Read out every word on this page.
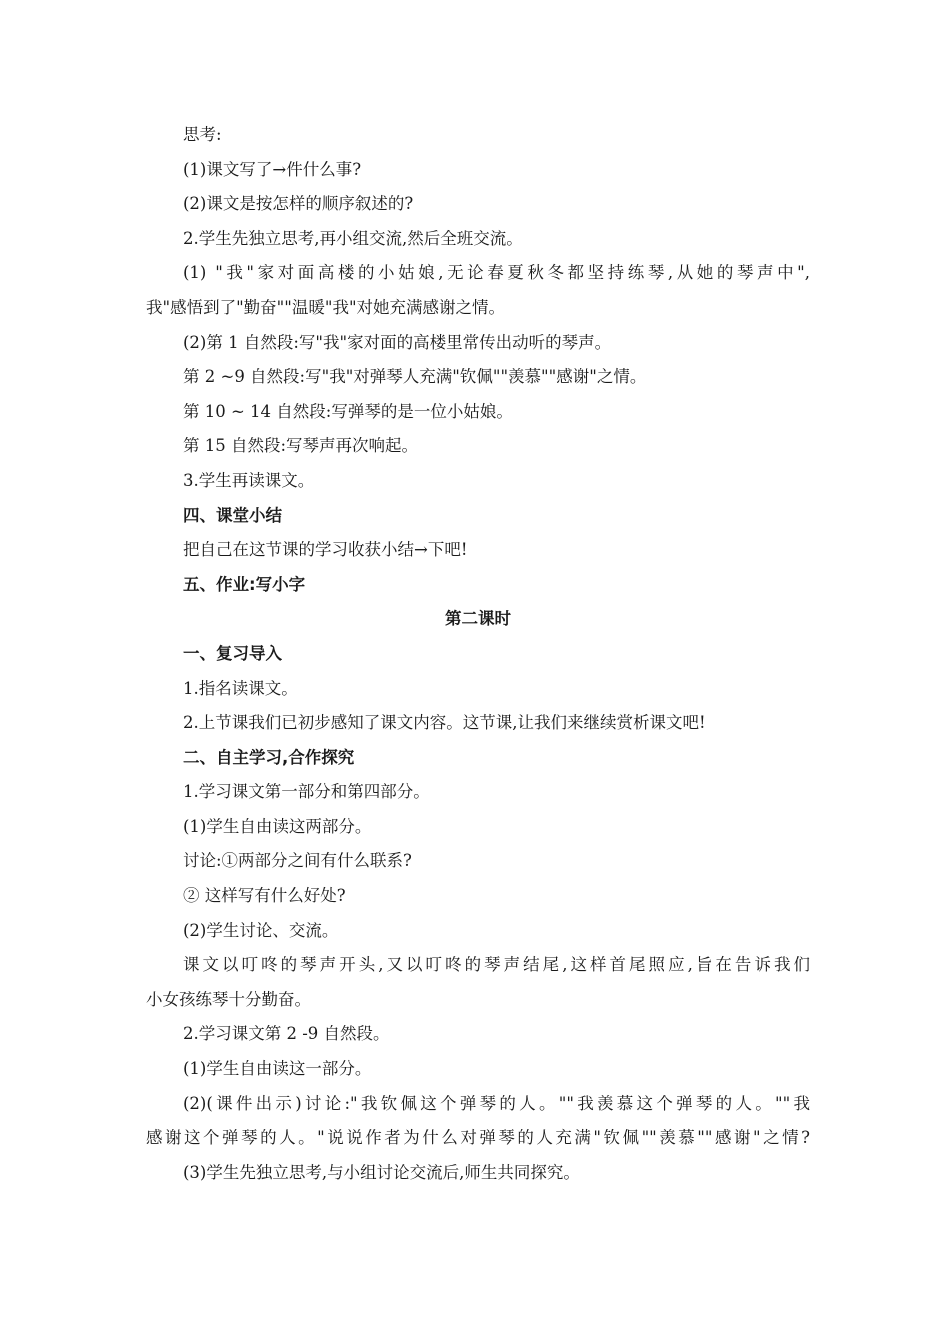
思考:
(1)课文写了→件什么事?
(2)课文是按怎样的顺序叙述的?
2.学生先独立思考,再小组交流,然后全班交流。
(1) "我"家对面高楼的小姑娘,无论春夏秋冬都坚持练琴,从她的琴声中",
我"感悟到了"勤奋""温暖"我"对她充满感谢之情。
(2)第 1 自然段:写"我"家对面的高楼里常传出动听的琴声。
第 2 ~9 自然段:写"我"对弹琴人充满"钦佩""羡慕""感谢"之情。
第 10 ~ 14 自然段:写弹琴的是一位小姑娘。
第 15 自然段:写琴声再次响起。
3.学生再读课文。
四、课堂小结
把自己在这节课的学习收获小结→下吧!
五、作业:写小字
第二课时
一、复习导入
1.指名读课文。
2.上节课我们已初步感知了课文内容。这节课,让我们来继续赏析课文吧!
二、自主学习,合作探究
1.学习课文第一部分和第四部分。
(1)学生自由读这两部分。
讨论:①两部分之间有什么联系?
② 这样写有什么好处?
(2)学生讨论、交流。
课文以叮咚的琴声开头,又以叮咚的琴声结尾,这样首尾照应,旨在告诉我们
小女孩练琴十分勤奋。
2.学习课文第 2 -9 自然段。
(1)学生自由读这一部分。
(2)(课件出示)讨论:"我钦佩这个弹琴的人。""我羡慕这个弹琴的人。""我
感谢这个弹琴的人。"说说作者为什么对弹琴的人充满"钦佩""羡慕""感谢"之情?
(3)学生先独立思考,与小组讨论交流后,师生共同探究。
